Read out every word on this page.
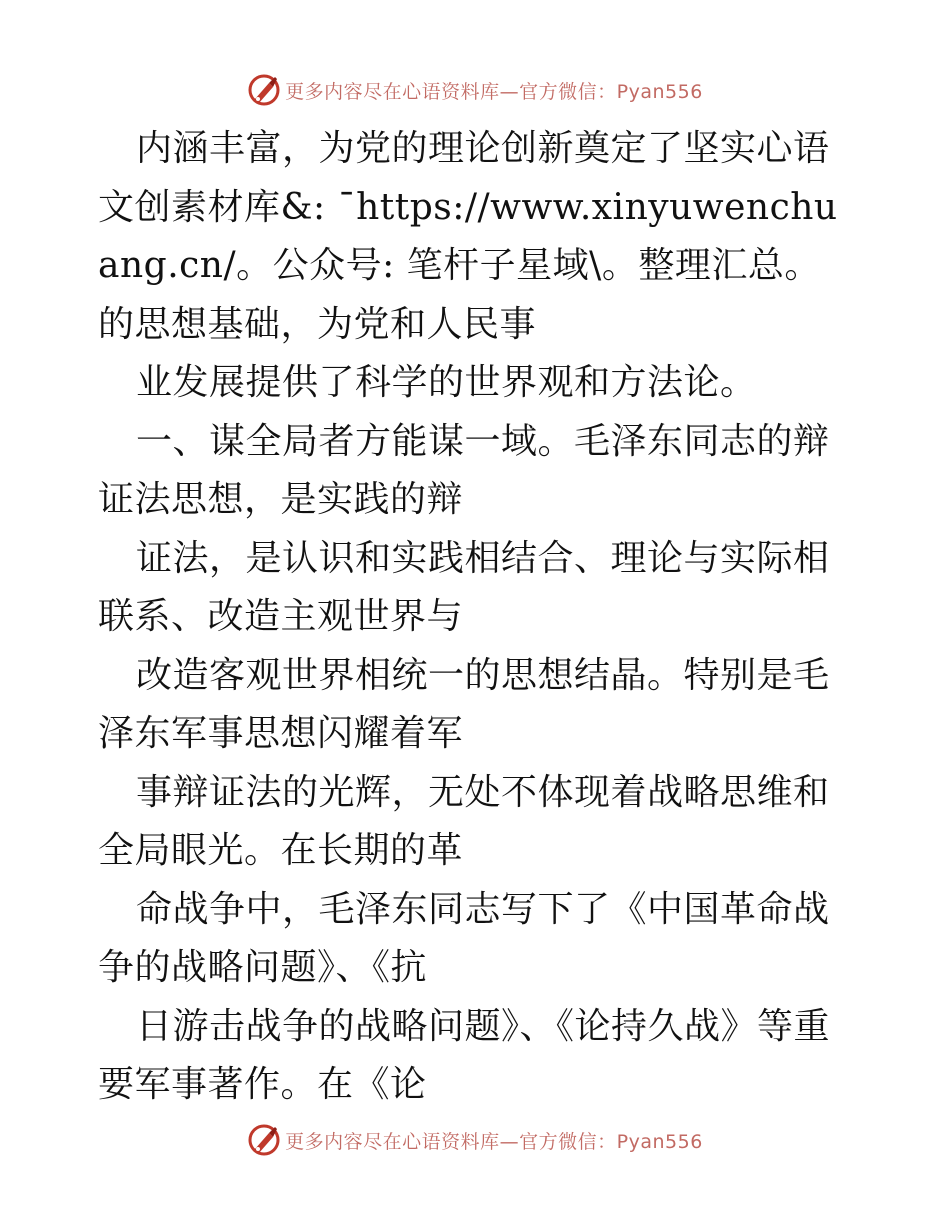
更多内容尽在心语资料库—官方微信：Pyan556

内涵丰富，为党的理论创新奠定了坚实心语文创素材库&: ¯https://www.xinyuwenchuang.cn/。公众号: 笔杆子星域\。整理汇总。的思想基础，为党和人民事

业发展提供了科学的世界观和方法论。

一、谋全局者方能谋一域。毛泽东同志的辩证法思想，是实践的辩

证法，是认识和实践相结合、理论与实际相联系、改造主观世界与

改造客观世界相统一的思想结晶。特别是毛泽东军事思想闪耀着军

事辩证法的光辉，无处不体现着战略思维和全局眼光。在长期的革

命战争中，毛泽东同志写下了《中国革命战争的战略问题》、《抗

日游击战争的战略问题》、《论持久战》等重要军事著作。在《论

更多内容尽在心语资料库—官方微信：Pyan556
